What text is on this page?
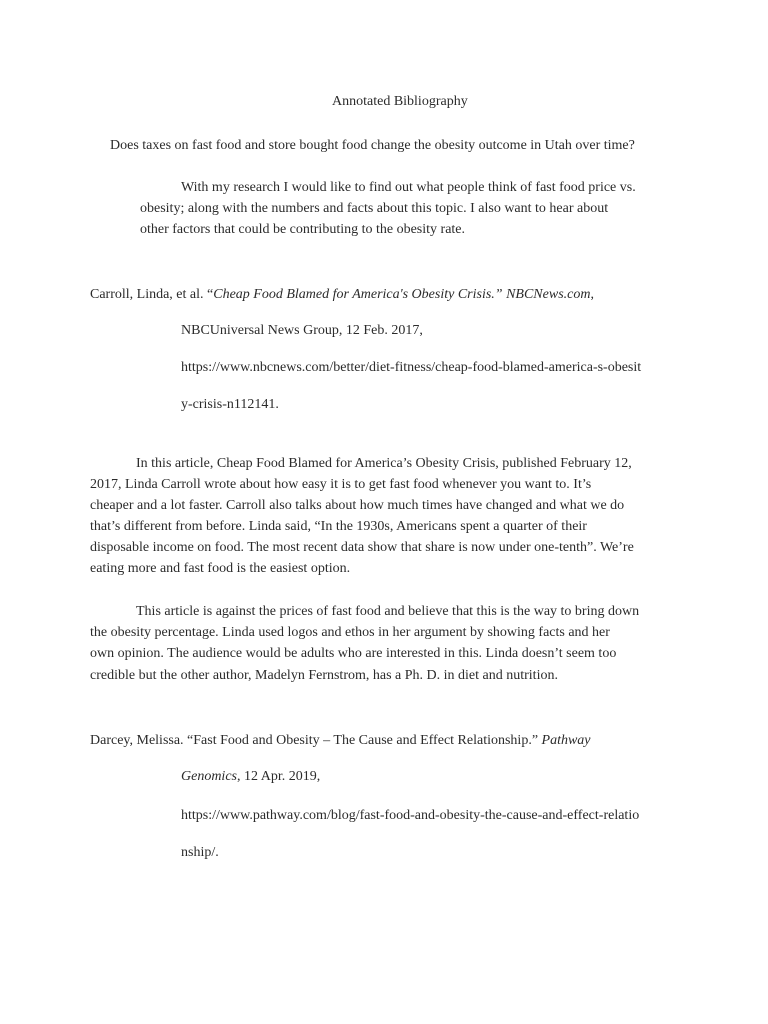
Annotated Bibliography
Does taxes on fast food and store bought food change the obesity outcome in Utah over time?
With my research I would like to find out what people think of fast food price vs.
obesity; along with the numbers and facts about this topic. I also want to hear about
other factors that could be contributing to the obesity rate.
Carroll, Linda, et al. “Cheap Food Blamed for America's Obesity Crisis.” NBCNews.com,
NBCUniversal News Group, 12 Feb. 2017,
https://www.nbcnews.com/better/diet-fitness/cheap-food-blamed-america-s-obesit
y-crisis-n112141.
In this article, Cheap Food Blamed for America’s Obesity Crisis, published February 12,
2017, Linda Carroll wrote about how easy it is to get fast food whenever you want to. It’s
cheaper and a lot faster. Carroll also talks about how much times have changed and what we do
that’s different from before. Linda said, “In the 1930s, Americans spent a quarter of their
disposable income on food. The most recent data show that share is now under one-tenth”. We’re
eating more and fast food is the easiest option.
This article is against the prices of fast food and believe that this is the way to bring down
the obesity percentage. Linda used logos and ethos in her argument by showing facts and her
own opinion. The audience would be adults who are interested in this. Linda doesn’t seem too
credible but the other author, Madelyn Fernstrom, has a Ph. D. in diet and nutrition.
Darcey, Melissa. “Fast Food and Obesity – The Cause and Effect Relationship.” Pathway
Genomics, 12 Apr. 2019,
https://www.pathway.com/blog/fast-food-and-obesity-the-cause-and-effect-relatio
nship/.
